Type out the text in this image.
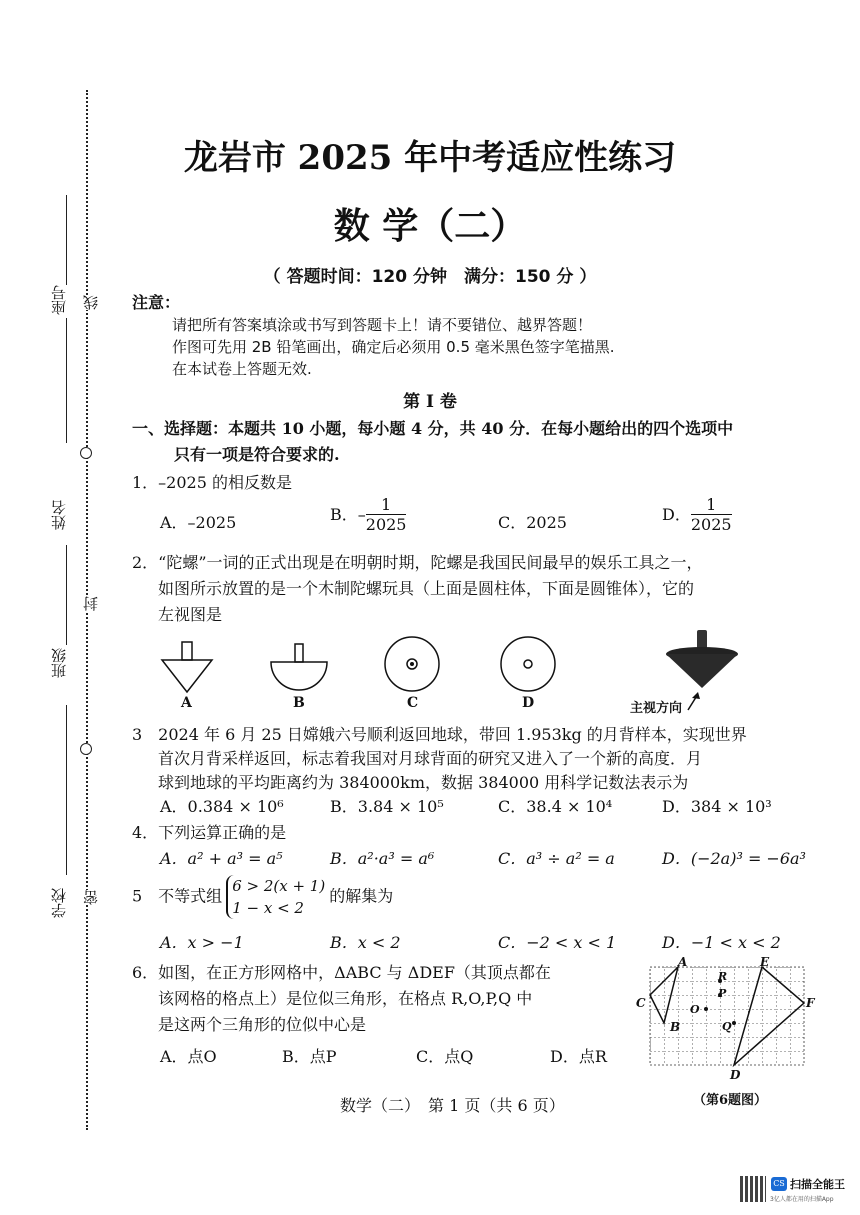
座号 线
姓名
封
班级
学校 密
龙岩市 2025 年中考适应性练习
数 学（二）
（ 答题时间：120 分钟　满分：150 分 ）
注意：
请把所有答案填涂或书写到答题卡上！请不要错位、越界答题！
作图可先用 2B 铅笔画出，确定后必须用 0.5 毫米黑色签字笔描黑.
在本试卷上答题无效.
第 I 卷
一、选择题：本题共 10 小题，每小题 4 分，共 40 分．在每小题给出的四个选项中
只有一项是符合要求的.
1．–2025 的相反数是
A．–2025	B．– $\frac{1}{2025}$	C．2025	D． $\frac{1}{2025}$
2．“陀螺”一词的正式出现是在明朝时期，陀螺是我国民间最早的娱乐工具之一，
如图所示放置的是一个木制陀螺玩具（上面是圆柱体，下面是圆锥体），它的
左视图是
A	B	C	D	主视方向
3　2024 年 6 月 25 日嫦娥六号顺利返回地球，带回 1.953kg 的月背样本，实现世界
首次月背采样返回，标志着我国对月球背面的研究又进入了一个新的高度．月
球到地球的平均距离约为 384000km，数据 384000 用科学记数法表示为
A．0.384 × 10⁶	B．3.84 × 10⁵	C．38.4 × 10⁴	D．384 × 10³
4．下列运算正确的是
A．a² + a³ = a⁵	B．a²·a³ = a⁶	C．a³ ÷ a² = a	D．(−2a)³ = −6a³
5　不等式组
6 > 2(x + 1)
1 − x < 2
的解集为
A．x > −1	B．x < 2	C．−2 < x < 1	D．−1 < x < 2
6．如图，在正方形网格中，ΔABC 与 ΔDEF（其顶点都在
该网格的格点上）是位似三角形，在格点 R,O,P,Q 中
是这两个三角形的位似中心是
A．点O	B．点P	C．点Q	D．点R
A
B
C
D
E
F
R
O
P
Q
（第6题图）
数学（二）　第 1 页（共 6 页）
CS 扫描全能王
3亿人都在用的扫描App
